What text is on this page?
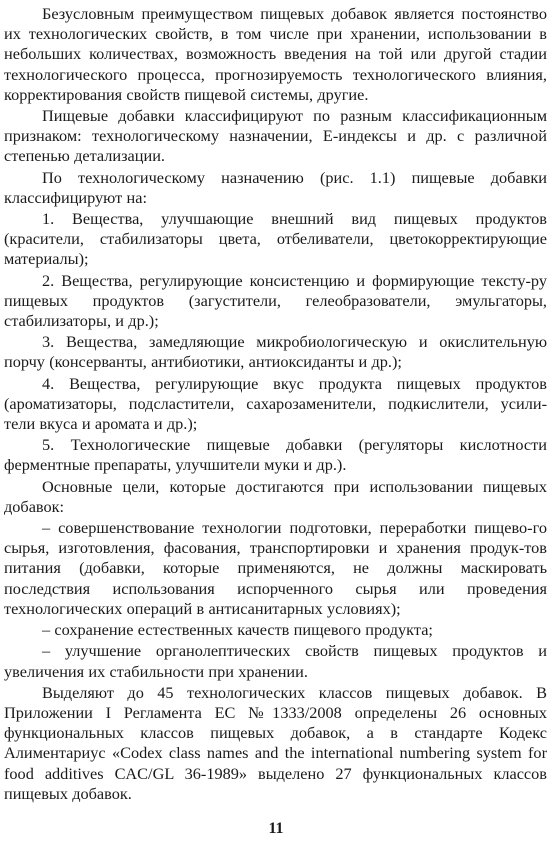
Безусловным преимуществом пищевых добавок является постоянство их технологических свойств, в том числе при хранении, использовании в небольших количествах, возможность введения на той или другой стадии технологического процесса, прогнозируемость технологического влияния, корректирования свойств пищевой системы, другие.

Пищевые добавки классифицируют по разным классификационным признаком: технологическому назначении, Е-индексы и др. с различной степенью детализации.

По технологическому назначению (рис. 1.1) пищевые добавки классифицируют на:

1. Вещества, улучшающие внешний вид пищевых продуктов (красители, стабилизаторы цвета, отбеливатели, цветокорректирующие материалы);

2. Вещества, регулирующие консистенцию и формирующие тексту-ру пищевых продуктов (загустители, гелеобразователи, эмульгаторы, стабилизаторы, и др.);

3. Вещества, замедляющие микробиологическую и окислительную порчу (консерванты, антибиотики, антиоксиданты и др.);

4. Вещества, регулирующие вкус продукта пищевых продуктов (ароматизаторы, подсластители, сахарозаменители, подкислители, усили-тели вкуса и аромата и др.);

5. Технологические пищевые добавки (регуляторы кислотности ферментные препараты, улучшители муки и др.).

Основные цели, которые достигаются при использовании пищевых добавок:

– совершенствование технологии подготовки, переработки пищево-го сырья, изготовления, фасования, транспортировки и хранения продук-тов питания (добавки, которые применяются, не должны маскировать последствия использования испорченного сырья или проведения технологических операций в антисанитарных условиях);

– сохранение естественных качеств пищевого продукта;

– улучшение органолептических свойств пищевых продуктов и увеличения их стабильности при хранении.

Выделяют до 45 технологических классов пищевых добавок. В Приложении I Регламента ЕС №1333/2008 определены 26 основных функциональных классов пищевых добавок, а в стандарте Кодекс Алиментариус «Codex class names and the international numbering system for food additives CAC/GL 36-1989» выделено 27 функциональных классов пищевых добавок.

11
